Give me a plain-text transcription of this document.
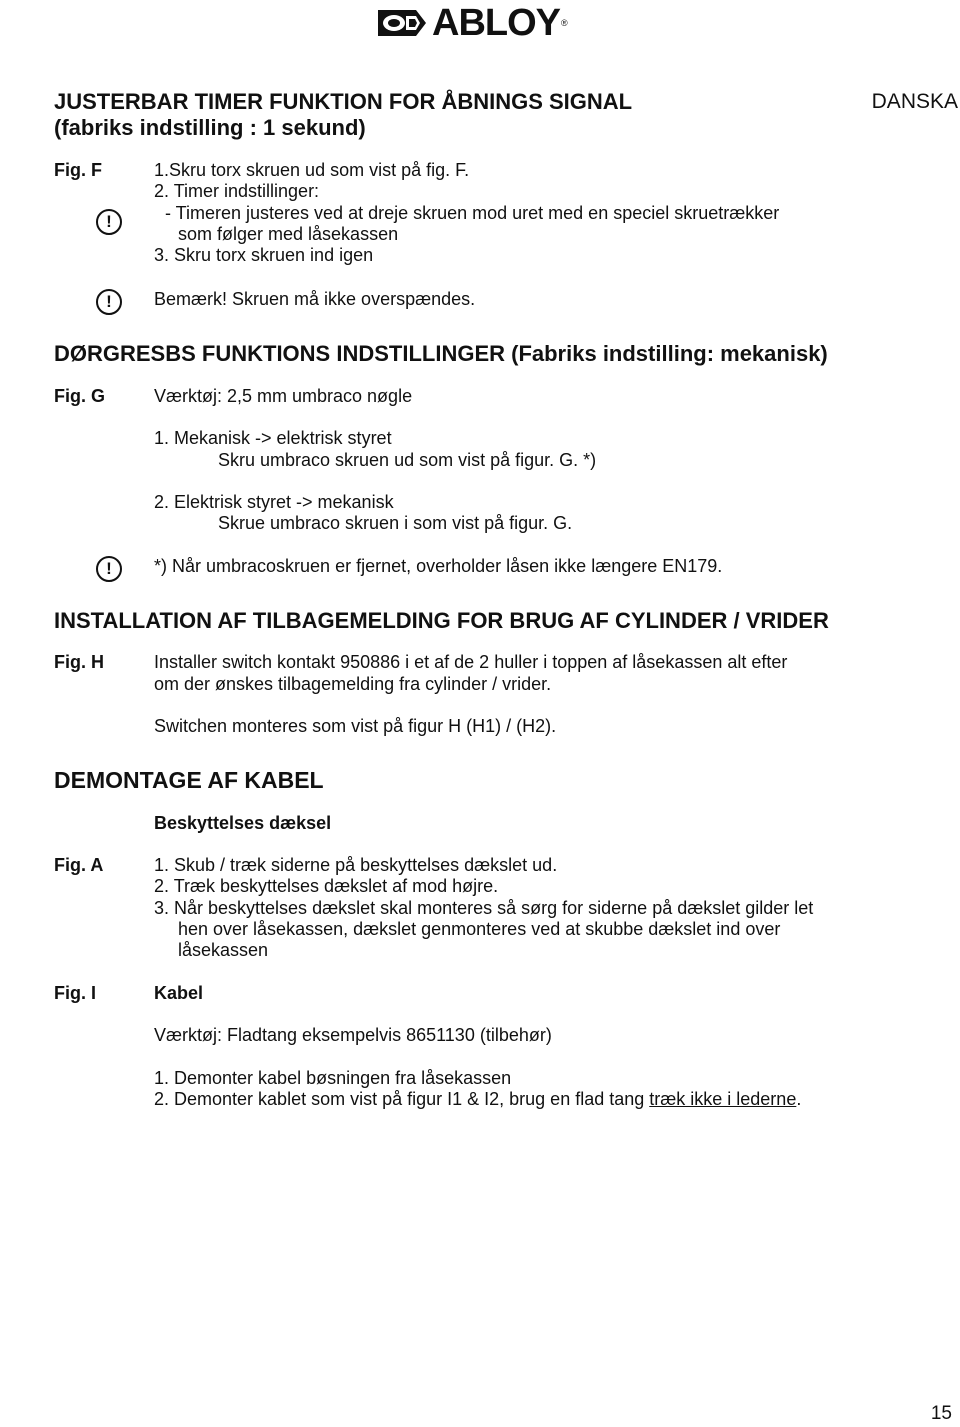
ABLOY ®
DANSKA
JUSTERBAR TIMER FUNKTION FOR ÅBNINGS SIGNAL
(fabriks indstilling : 1 sekund)
Fig. F	1.Skru torx skruen ud som vist på fig. F.
2. Timer indstillinger:
- Timeren justeres ved at dreje skruen mod uret med en speciel skruetrækker
som følger med låsekassen
3. Skru torx skruen ind igen
!
!	Bemærk! Skruen må ikke overspændes.
DØRGRESBS FUNKTIONS INDSTILLINGER (Fabriks indstilling: mekanisk)
Fig. G	Værktøj: 2,5 mm umbraco nøgle
1. Mekanisk -> elektrisk styret
Skru umbraco skruen ud som vist på figur. G. *)
2. Elektrisk styret -> mekanisk
Skrue umbraco skruen i som vist på figur. G.
!	*) Når umbracoskruen er fjernet, overholder låsen ikke længere EN179.
INSTALLATION AF TILBAGEMELDING FOR BRUG AF CYLINDER / VRIDER
Fig. H	Installer switch kontakt 950886 i et af de 2 huller i toppen af låsekassen alt efter
om der ønskes tilbagemelding fra cylinder / vrider.
Switchen monteres som vist på figur H (H1) / (H2).
DEMONTAGE AF KABEL
Beskyttelses dæksel
Fig. A	1. Skub / træk siderne på beskyttelses dækslet ud.
2. Træk beskyttelses dækslet af mod højre.
3. Når beskyttelses dækslet skal monteres så sørg for siderne på dækslet gilder let
hen over låsekassen, dækslet genmonteres ved at skubbe dækslet ind over
låsekassen
Fig. I	Kabel
Værktøj: Fladtang eksempelvis 8651130 (tilbehør)
1. Demonter kabel bøsningen fra låsekassen
2. Demonter kablet som vist på figur I1 & I2, brug en flad tang træk ikke i lederne.
15
